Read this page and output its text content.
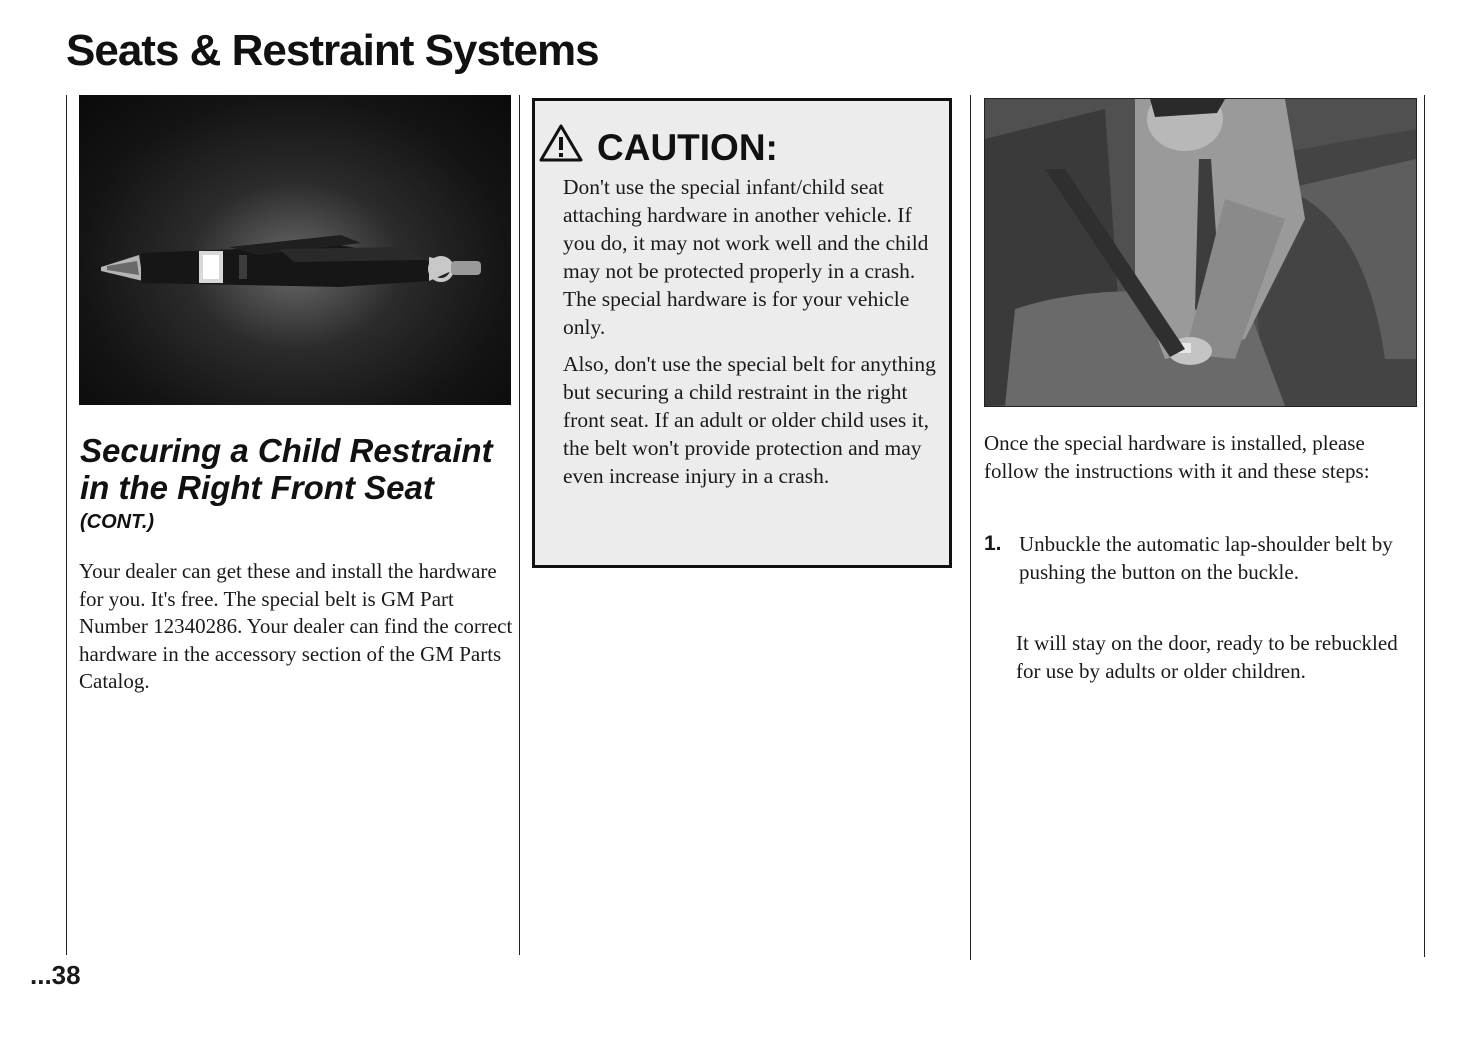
Seats & Restraint Systems
Securing a Child Restraint in the Right Front Seat
(CONT.)

Your dealer can get these and install the hardware for you. It's free. The special belt is GM Part Number 12340286. Your dealer can find the correct hardware in the accessory section of the GM Parts Catalog.

CAUTION:

Don't use the special infant/child seat attaching hardware in another vehicle. If you do, it may not work well and the child may not be protected properly in a crash. The special hardware is for your vehicle only.

Also, don't use the special belt for anything but securing a child restraint in the right front seat. If an adult or older child uses it, the belt won't provide protection and may even increase injury in a crash.

Once the special hardware is installed, please follow the instructions with it and these steps:

1. Unbuckle the automatic lap-shoulder belt by pushing the button on the buckle.

It will stay on the door, ready to be rebuckled for use by adults or older children.

...38
